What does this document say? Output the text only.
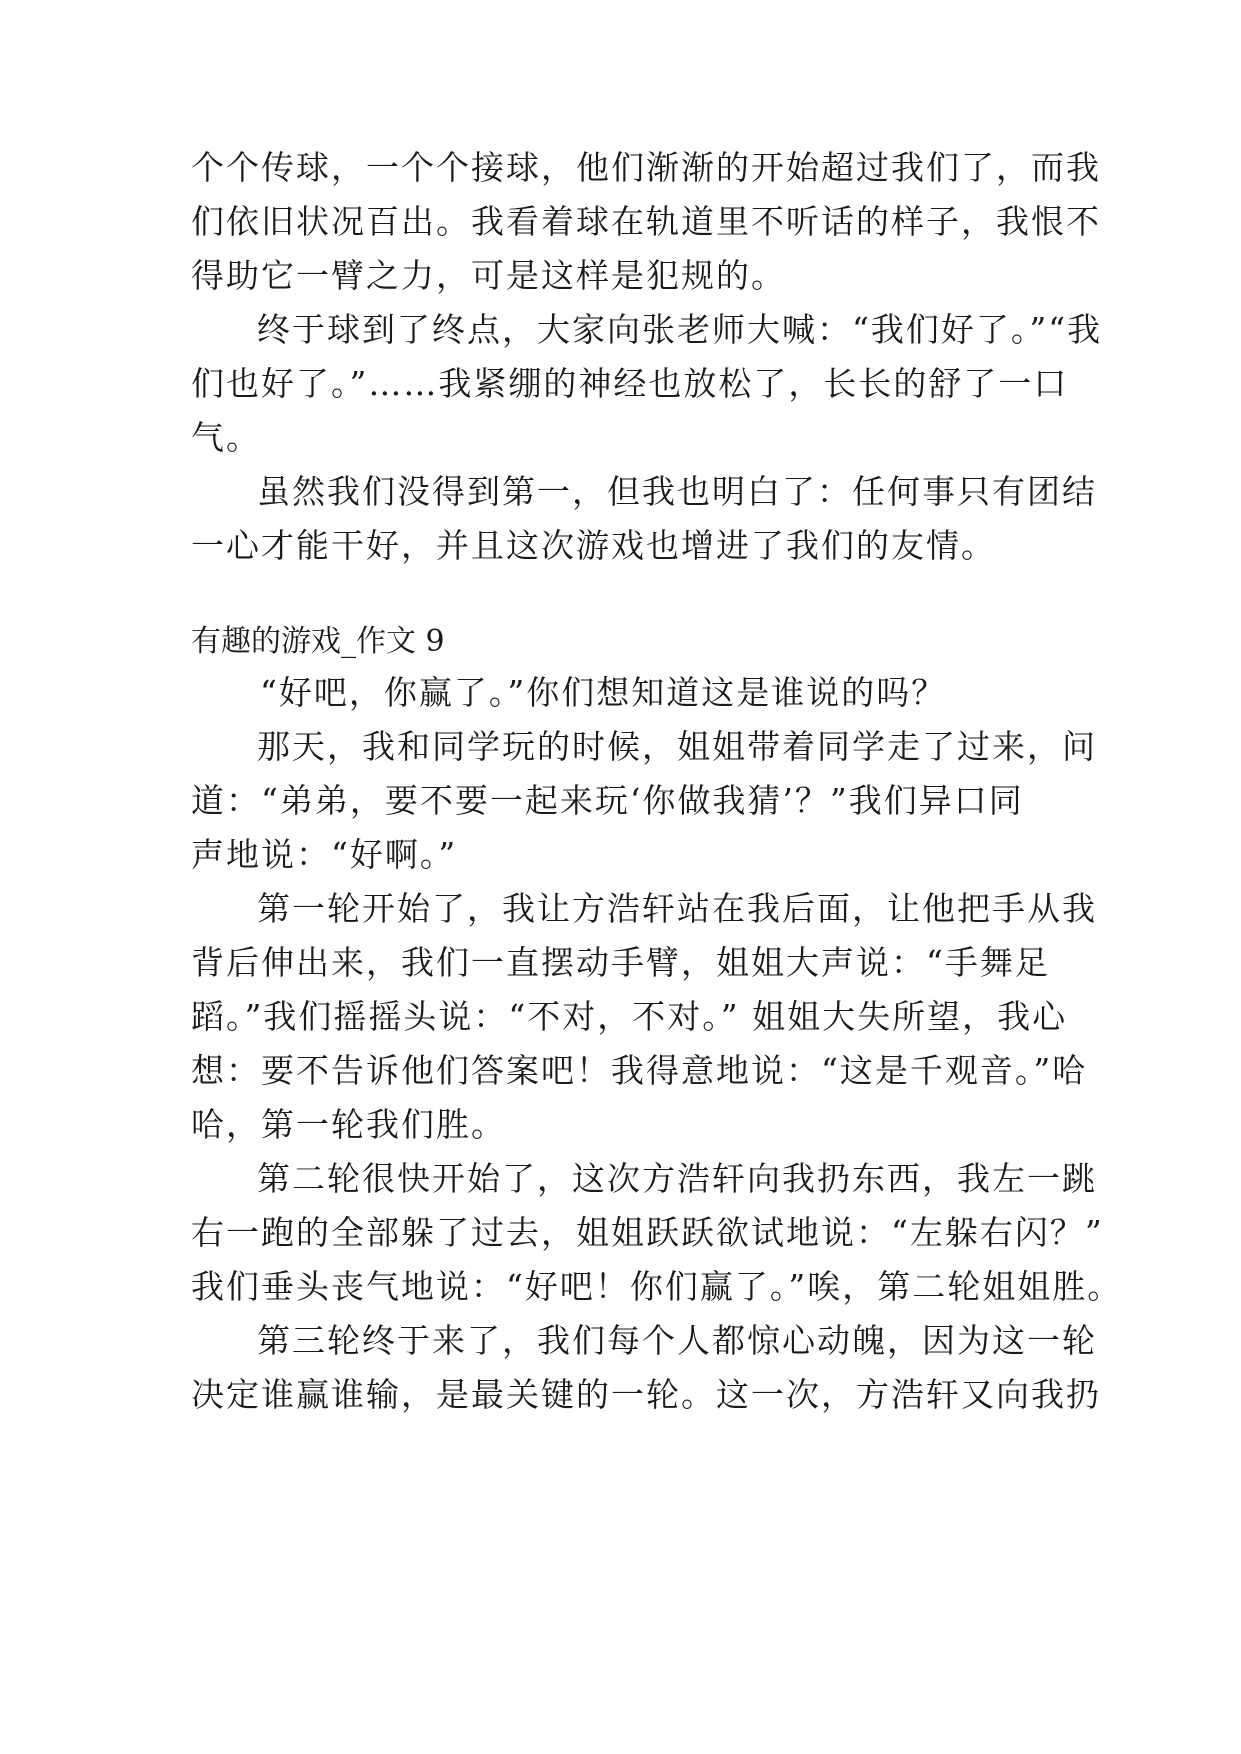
个个传球，一个个接球，他们渐渐的开始超过我们了，而我
们依旧状况百出。我看着球在轨道里不听话的样子，我恨不
得助它一臂之力，可是这样是犯规的。
终于球到了终点，大家向张老师大喊：“我们好了。”“我
们也好了。”……我紧绷的神经也放松了，长长的舒了一口
气。
虽然我们没得到第一，但我也明白了：任何事只有团结
一心才能干好，并且这次游戏也增进了我们的友情。
有趣的游戏_作文 9
“好吧，你赢了。”你们想知道这是谁说的吗？
那天，我和同学玩的时候，姐姐带着同学走了过来，问
道：“弟弟，要不要一起来玩‘你做我猜’？”我们异口同
声地说：“好啊。”
第一轮开始了，我让方浩轩站在我后面，让他把手从我
背后伸出来，我们一直摆动手臂，姐姐大声说：“手舞足
蹈。”我们摇摇头说：“不对，不对。” 姐姐大失所望，我心
想：要不告诉他们答案吧！我得意地说：“这是千观音。”哈
哈，第一轮我们胜。
第二轮很快开始了，这次方浩轩向我扔东西，我左一跳
右一跑的全部躲了过去，姐姐跃跃欲试地说：“左躲右闪？”
我们垂头丧气地说：“好吧！你们赢了。”唉，第二轮姐姐胜。
第三轮终于来了，我们每个人都惊心动魄，因为这一轮
决定谁赢谁输，是最关键的一轮。这一次，方浩轩又向我扔
